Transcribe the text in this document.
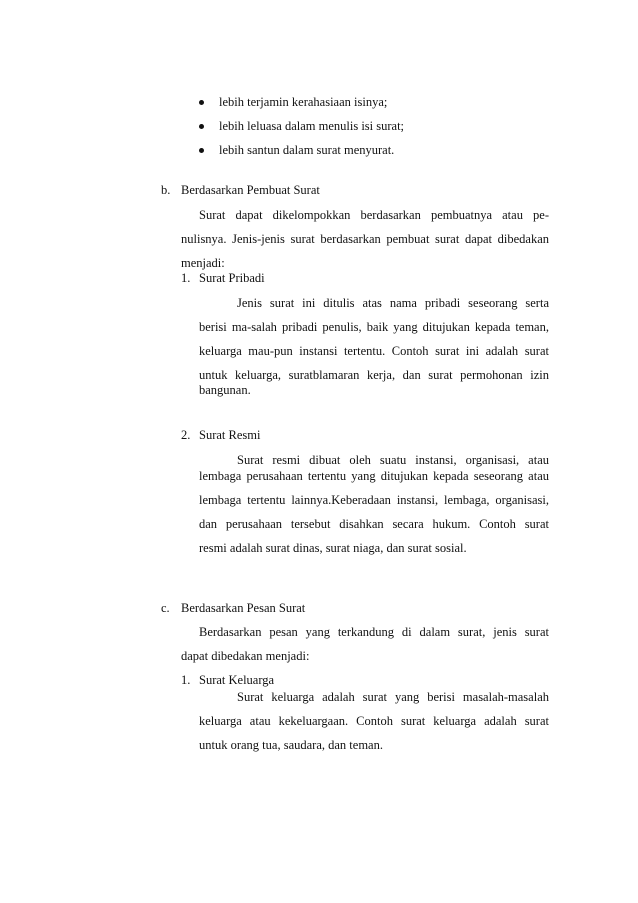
lebih terjamin kerahasiaan isinya;
lebih leluasa dalam menulis isi surat;
lebih santun dalam surat menyurat.
b. Berdasarkan Pembuat Surat
Surat dapat dikelompokkan berdasarkan pembuatnya atau pe-
nulisnya. Jenis-jenis surat berdasarkan pembuat surat dapat dibedakan
menjadi:
1. Surat Pribadi
Jenis surat ini ditulis atas nama pribadi seseorang serta
berisi ma-salah pribadi penulis, baik yang ditujukan kepada teman,
keluarga mau-pun instansi tertentu. Contoh surat ini adalah surat
untuk keluarga, suratblamaran kerja, dan surat permohonan izin
bangunan.
2. Surat Resmi
Surat resmi dibuat oleh suatu instansi, organisasi, atau
lembaga perusahaan tertentu yang ditujukan kepada seseorang atau
lembaga tertentu lainnya.Keberadaan instansi, lembaga, organisasi,
dan perusahaan tersebut disahkan secara hukum. Contoh surat
resmi adalah surat dinas, surat niaga, dan surat sosial.
c. Berdasarkan Pesan Surat
Berdasarkan pesan yang terkandung di dalam surat, jenis surat
dapat dibedakan menjadi:
1. Surat Keluarga
Surat keluarga adalah surat yang berisi masalah-masalah
keluarga atau kekeluargaan. Contoh surat keluarga adalah surat
untuk orang tua, saudara, dan teman.
